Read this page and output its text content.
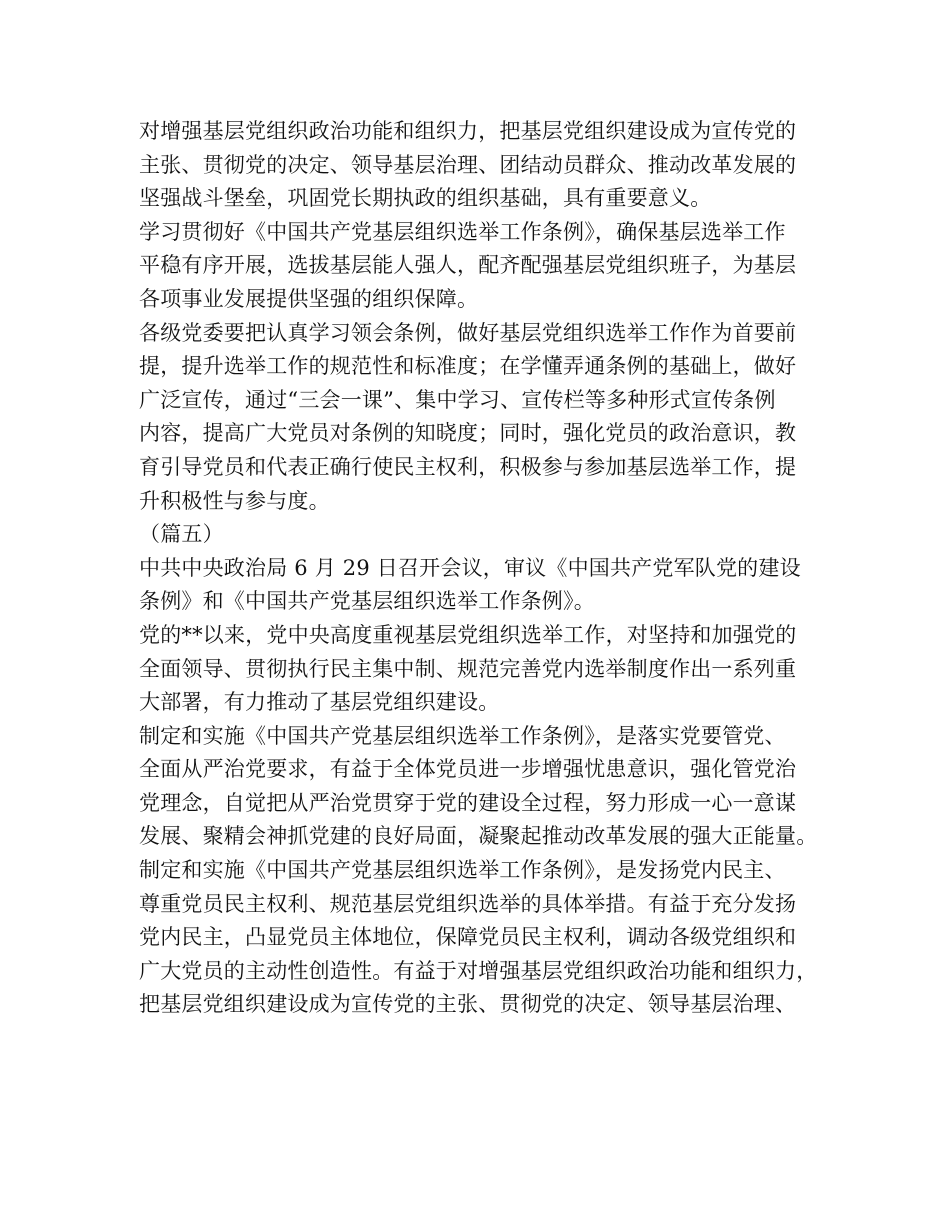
对增强基层党组织政治功能和组织力，把基层党组织建设成为宣传党的
主张、贯彻党的决定、领导基层治理、团结动员群众、推动改革发展的
坚强战斗堡垒，巩固党长期执政的组织基础，具有重要意义。
学习贯彻好《中国共产党基层组织选举工作条例》，确保基层选举工作
平稳有序开展，选拔基层能人强人，配齐配强基层党组织班子，为基层
各项事业发展提供坚强的组织保障。
各级党委要把认真学习领会条例，做好基层党组织选举工作作为首要前
提，提升选举工作的规范性和标准度；在学懂弄通条例的基础上，做好
广泛宣传，通过“三会一课”、集中学习、宣传栏等多种形式宣传条例
内容，提高广大党员对条例的知晓度；同时，强化党员的政治意识，教
育引导党员和代表正确行使民主权利，积极参与参加基层选举工作，提
升积极性与参与度。
（篇五）
中共中央政治局 6 月 29 日召开会议，审议《中国共产党军队党的建设
条例》和《中国共产党基层组织选举工作条例》。
党的**以来，党中央高度重视基层党组织选举工作，对坚持和加强党的
全面领导、贯彻执行民主集中制、规范完善党内选举制度作出一系列重
大部署，有力推动了基层党组织建设。
制定和实施《中国共产党基层组织选举工作条例》，是落实党要管党、
全面从严治党要求，有益于全体党员进一步增强忧患意识，强化管党治
党理念，自觉把从严治党贯穿于党的建设全过程，努力形成一心一意谋
发展、聚精会神抓党建的良好局面，凝聚起推动改革发展的强大正能量。
制定和实施《中国共产党基层组织选举工作条例》，是发扬党内民主、
尊重党员民主权利、规范基层党组织选举的具体举措。有益于充分发扬
党内民主，凸显党员主体地位，保障党员民主权利，调动各级党组织和
广大党员的主动性创造性。有益于对增强基层党组织政治功能和组织力，
把基层党组织建设成为宣传党的主张、贯彻党的决定、领导基层治理、
